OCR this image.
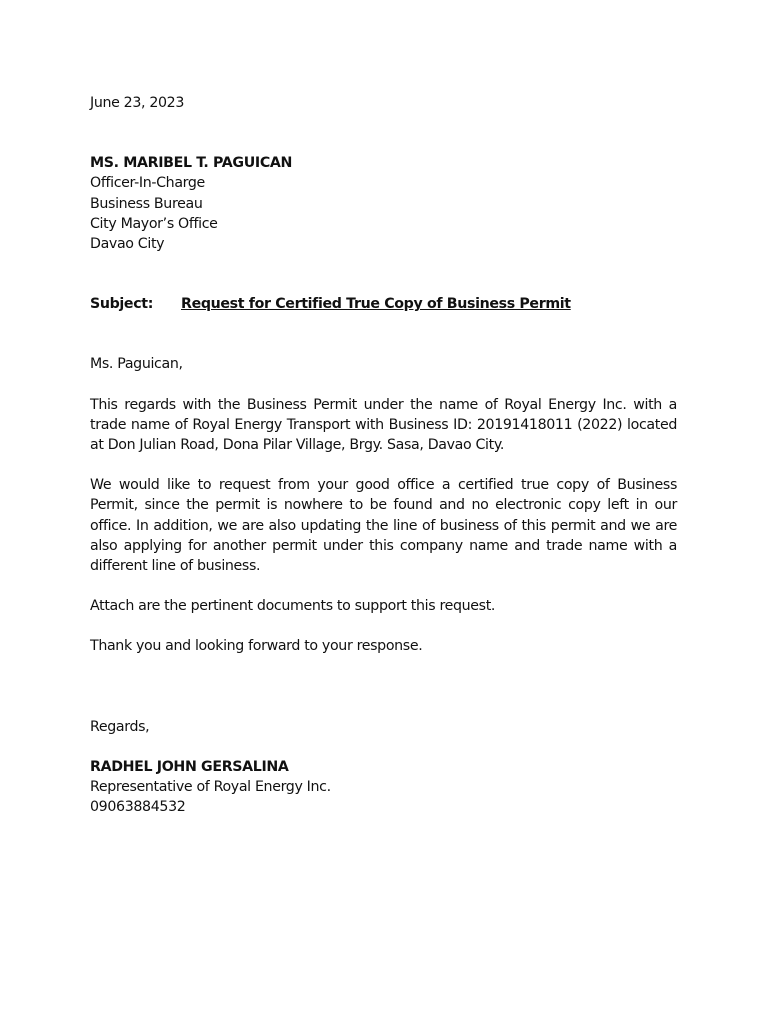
June 23, 2023
MS. MARIBEL T. PAGUICAN
Officer-In-Charge
Business Bureau
City Mayor’s Office
Davao City
Subject:	Request for Certified True Copy of Business Permit
Ms. Paguican,
This regards with the Business Permit under the name of Royal Energy Inc. with a trade name of Royal Energy Transport with Business ID: 20191418011 (2022) located at Don Julian Road, Dona Pilar Village, Brgy. Sasa, Davao City.
We would like to request from your good office a certified true copy of Business Permit, since the permit is nowhere to be found and no electronic copy left in our office. In addition, we are also updating the line of business of this permit and we are also applying for another permit under this company name and trade name with a different line of business.
Attach are the pertinent documents to support this request.
Thank you and looking forward to your response.
Regards,
RADHEL JOHN GERSALINA
Representative of Royal Energy Inc.
09063884532
